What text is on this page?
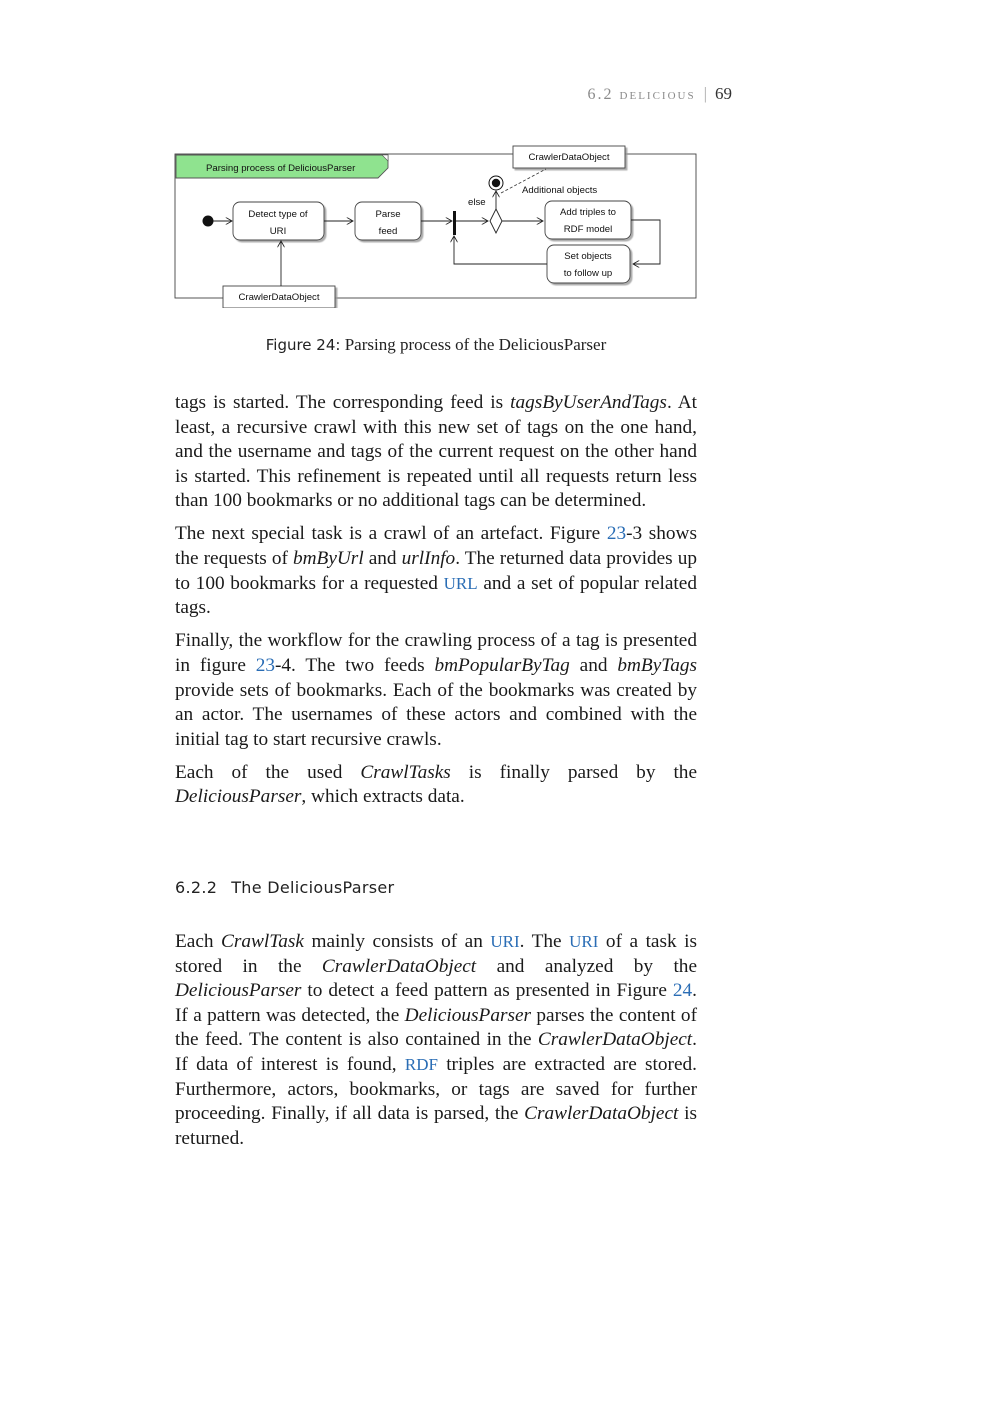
6.2 delicious | 69
Parsing process of DeliciousParser
CrawlerDataObject
Detect type of
URI
Parse
feed
else
Additional objects
Add triples to
RDF model
Set objects
to follow up
CrawlerDataObject
Figure 24: Parsing process of the DeliciousParser

tags is started. The corresponding feed is tagsByUserAndTags. At least, a recursive crawl with this new set of tags on the one hand, and the username and tags of the current request on the other hand is started. This refinement is repeated until all requests return less than 100 bookmarks or no additional tags can be determined.

The next special task is a crawl of an artefact. Figure 23-3 shows the requests of bmByUrl and urlInfo. The returned data provides up to 100 bookmarks for a requested URL and a set of popular related tags.

Finally, the workflow for the crawling process of a tag is presented in figure 23-4. The two feeds bmPopularByTag and bmByTags provide sets of bookmarks. Each of the bookmarks was created by an actor. The usernames of these actors and combined with the initial tag to start recursive crawls.

Each of the used CrawlTasks is finally parsed by the DeliciousParser, which extracts data.

6.2.2 The DeliciousParser

Each CrawlTask mainly consists of an URI. The URI of a task is stored in the CrawlerDataObject and analyzed by the DeliciousParser to detect a feed pattern as presented in Figure 24. If a pattern was detected, the DeliciousParser parses the content of the feed. The content is also contained in the CrawlerDataObject. If data of interest is found, RDF triples are extracted are stored. Furthermore, actors, bookmarks, or tags are saved for further proceeding. Finally, if all data is parsed, the CrawlerDataObject is returned.
